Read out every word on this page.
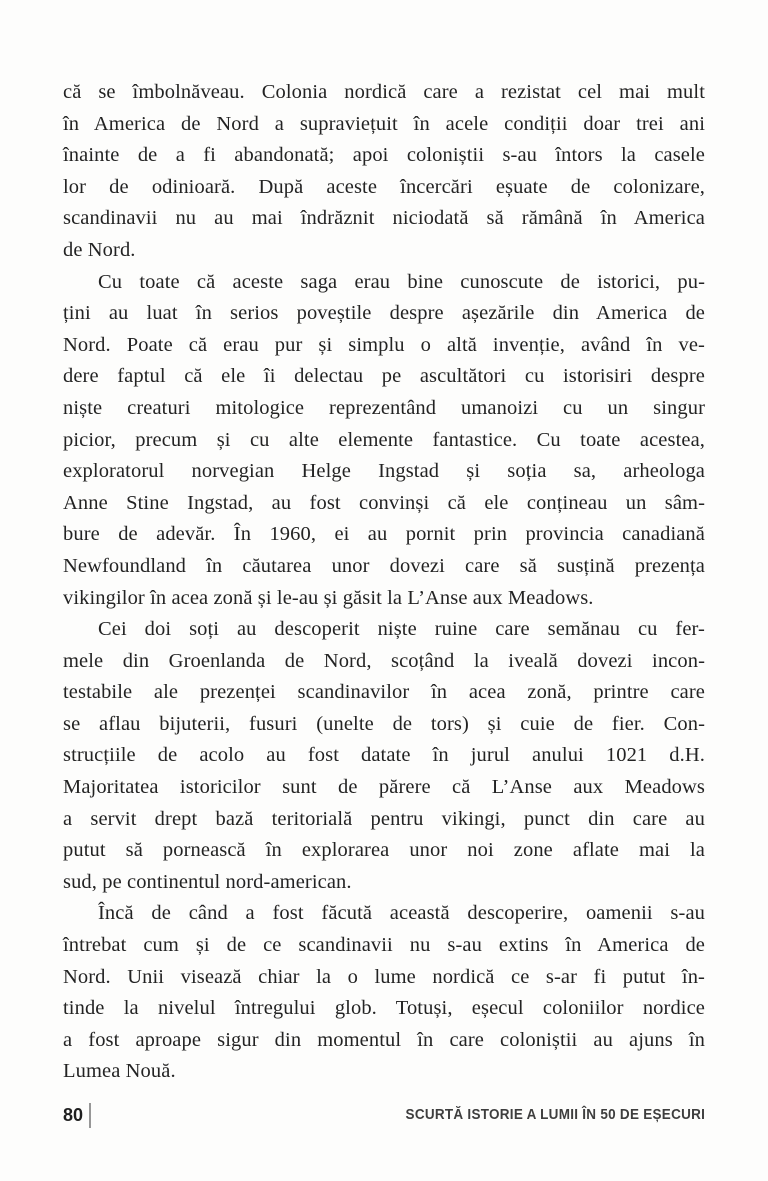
că se îmbolnăveau. Colonia nordică care a rezistat cel mai mult
în America de Nord a supraviețuit în acele condiții doar trei ani
înainte de a fi abandonată; apoi coloniștii s-au întors la casele
lor de odinioară. După aceste încercări eșuate de colonizare,
scandinavii nu au mai îndrăznit niciodată să rămână în America
de Nord.

Cu toate că aceste saga erau bine cunoscute de istorici, pu-
țini au luat în serios poveștile despre așezările din America de
Nord. Poate că erau pur și simplu o altă invenție, având în ve-
dere faptul că ele îi delectau pe ascultători cu istorisiri despre
niște creaturi mitologice reprezentând umanoizi cu un singur
picior, precum și cu alte elemente fantastice. Cu toate acestea,
exploratorul norvegian Helge Ingstad și soția sa, arheologa
Anne Stine Ingstad, au fost convinși că ele conțineau un sâm-
bure de adevăr. În 1960, ei au pornit prin provincia canadiană
Newfoundland în căutarea unor dovezi care să susțină prezența
vikingilor în acea zonă și le-au și găsit la L’Anse aux Meadows.

Cei doi soți au descoperit niște ruine care semănau cu fer-
mele din Groenlanda de Nord, scoțând la iveală dovezi incon-
testabile ale prezenței scandinavilor în acea zonă, printre care
se aflau bijuterii, fusuri (unelte de tors) și cuie de fier. Con-
strucțiile de acolo au fost datate în jurul anului 1021 d.H.
Majoritatea istoricilor sunt de părere că L’Anse aux Meadows
a servit drept bază teritorială pentru vikingi, punct din care au
putut să pornească în explorarea unor noi zone aflate mai la
sud, pe continentul nord-american.

Încă de când a fost făcută această descoperire, oamenii s-au
întrebat cum și de ce scandinavii nu s-au extins în America de
Nord. Unii visează chiar la o lume nordică ce s-ar fi putut în-
tinde la nivelul întregului glob. Totuși, eșecul coloniilor nordice
a fost aproape sigur din momentul în care coloniștii au ajuns în
Lumea Nouă.

80	SCURTĂ ISTORIE A LUMII ÎN 50 DE EȘECURI
